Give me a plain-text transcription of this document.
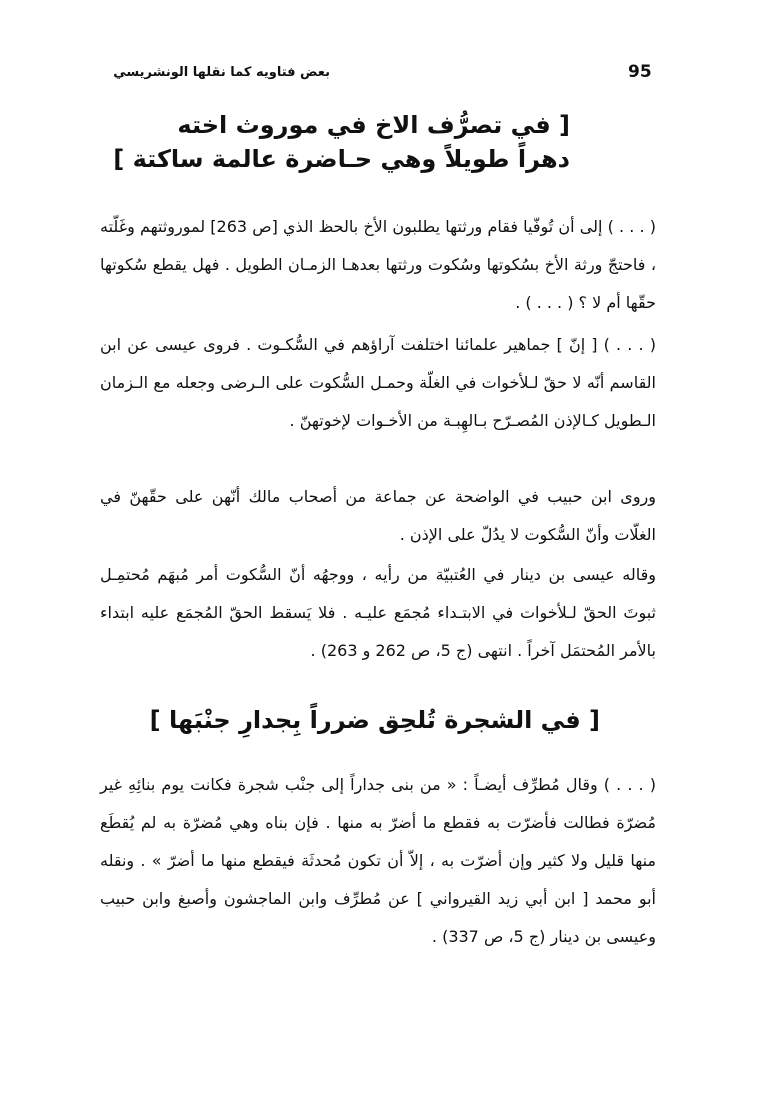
95
بعض فتاويه كما نقلها الونشريسي
[ في تصرُّف الاخ في موروث اخته
دهراً طويلاً وهي حـاضرة عالمة ساكتة ]
( . . . ) إلى أن تُوفّيا فقام ورثتها يطلبون الأخ بالحظ الذي [ص 263] لموروثتهم وغَلّته ، فاحتجّ ورثة الأخ بسُكوتها وسُكوت ورثتها بعدهـا الزمـان الطويل . فهل يقطع سُكوتها حقّها أم لا ؟ ( . . . ) .
( . . . ) [ إنّ ] جماهير علمائنا اختلفت آراؤهم في السُّكـوت . فروى عيسى عن ابن القاسم أنّه لا حقّ لـلأخوات في الغلّة وحمـل السُّكوت على الـرضى وجعله مع الـزمان الـطويل كـالإذن المُصـرّح بـالهِبـة من الأخـوات لإخوتهنّ .
وروى ابن حبيب في الواضحة عن جماعة من أصحاب مالك أنّهن على حقّهنّ في الغلّات وأنّ السُّكوت لا يدُلّ على الإذن .
وقاله عيسى بن دينار في العُتبيّة من رأيه ، ووجهُه أنّ السُّكوت أمر مُبهَم مُحتمِـل ثبوتَ الحقّ لـلأخوات في الابتـداء مُجمَع عليـه . فلا يَسقط الحقّ المُجمَع عليه ابتداء بالأمر المُحتمَل آخراً . انتهى (ج 5، ص 262 و 263) .
[ في الشجرة تُلحِق ضرراً بِجدارِ جنْبَها ]
( . . . ) وقال مُطرِّف أيضـاً : « من بنى جداراً إلى جنْب شجرة فكانت يوم بنائِهِ غير مُضرّة فطالت فأضرّت به فقطع ما أضرّ به منها . فإن بناه وهي مُضرّة به لم يُقطَع منها قليل ولا كثير وإن أضرّت به ، إلاّ أن تكون مُحدثَة فيقطع منها ما أضرّ » . ونقله أبو محمد [ ابن أبي زيد القيرواني ] عن مُطرِّف وابن الماجشون وأصبغ وابن حبيب وعيسى بن دينار (ج 5، ص 337) .
